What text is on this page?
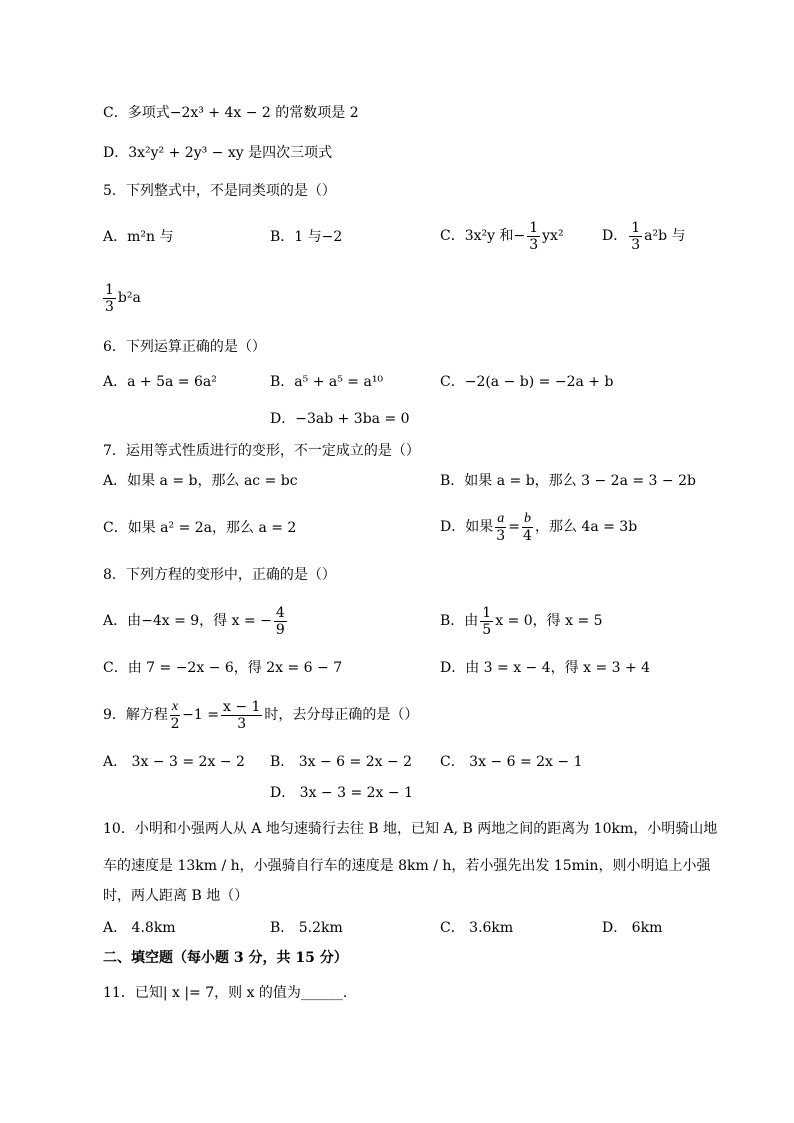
C．多项式−2x³ + 4x − 2 的常数项是 2
D．3x²y² + 2y³ − xy 是四次三项式
5．下列整式中，不是同类项的是（）
A．m²n 与	B．1 与−2	C．3x²y 和− $\frac{1}{3} yx^2$	D． $\frac{1}{3} a^2b$ 与
$\frac{1}{3} b^2a$
6．下列运算正确的是（）
A．a + 5a = 6a²	B．a⁵ + a⁵ = a¹⁰	C．−2(a − b) = −2a + b
D．−3ab + 3ba = 0
7．运用等式性质进行的变形，不一定成立的是（）
A．如果 a = b，那么 ac = bc	B．如果 a = b，那么 3 − 2a = 3 − 2b
C．如果 a² = 2a，那么 a = 2	D．如果 $\frac{a}{3} = \frac{b}{4}$ ，那么 4a = 3b
8．下列方程的变形中，正确的是（）
A．由−4x = 9，得 x = − $\frac{4}{9}$	B．由 $\frac{1}{5}$ x = 0，得 x = 5
C．由 7 = −2x − 6，得 2x = 6 − 7	D．由 3 = x − 4，得 x = 3 + 4
9．解方程 $\frac{x}{2} -1 = \frac{x - 1}{3}$ 时，去分母正确的是（）
A． 3x − 3 = 2x − 2 B． 3x − 6 = 2x − 2 C． 3x − 6 = 2x − 1
D． 3x − 3 = 2x − 1
10．小明和小强两人从 A 地匀速骑行去往 B 地，已知 A, B 两地之间的距离为 10km，小明骑山地
车的速度是 13km / h，小强骑自行车的速度是 8km / h，若小强先出发 15min，则小明追上小强
时，两人距离 B 地（）
A． 4.8km	B． 5.2km	C． 3.6km	D． 6km
二、填空题（每小题 3 分，共 15 分）
11．已知| x |= 7，则 x 的值为______.
